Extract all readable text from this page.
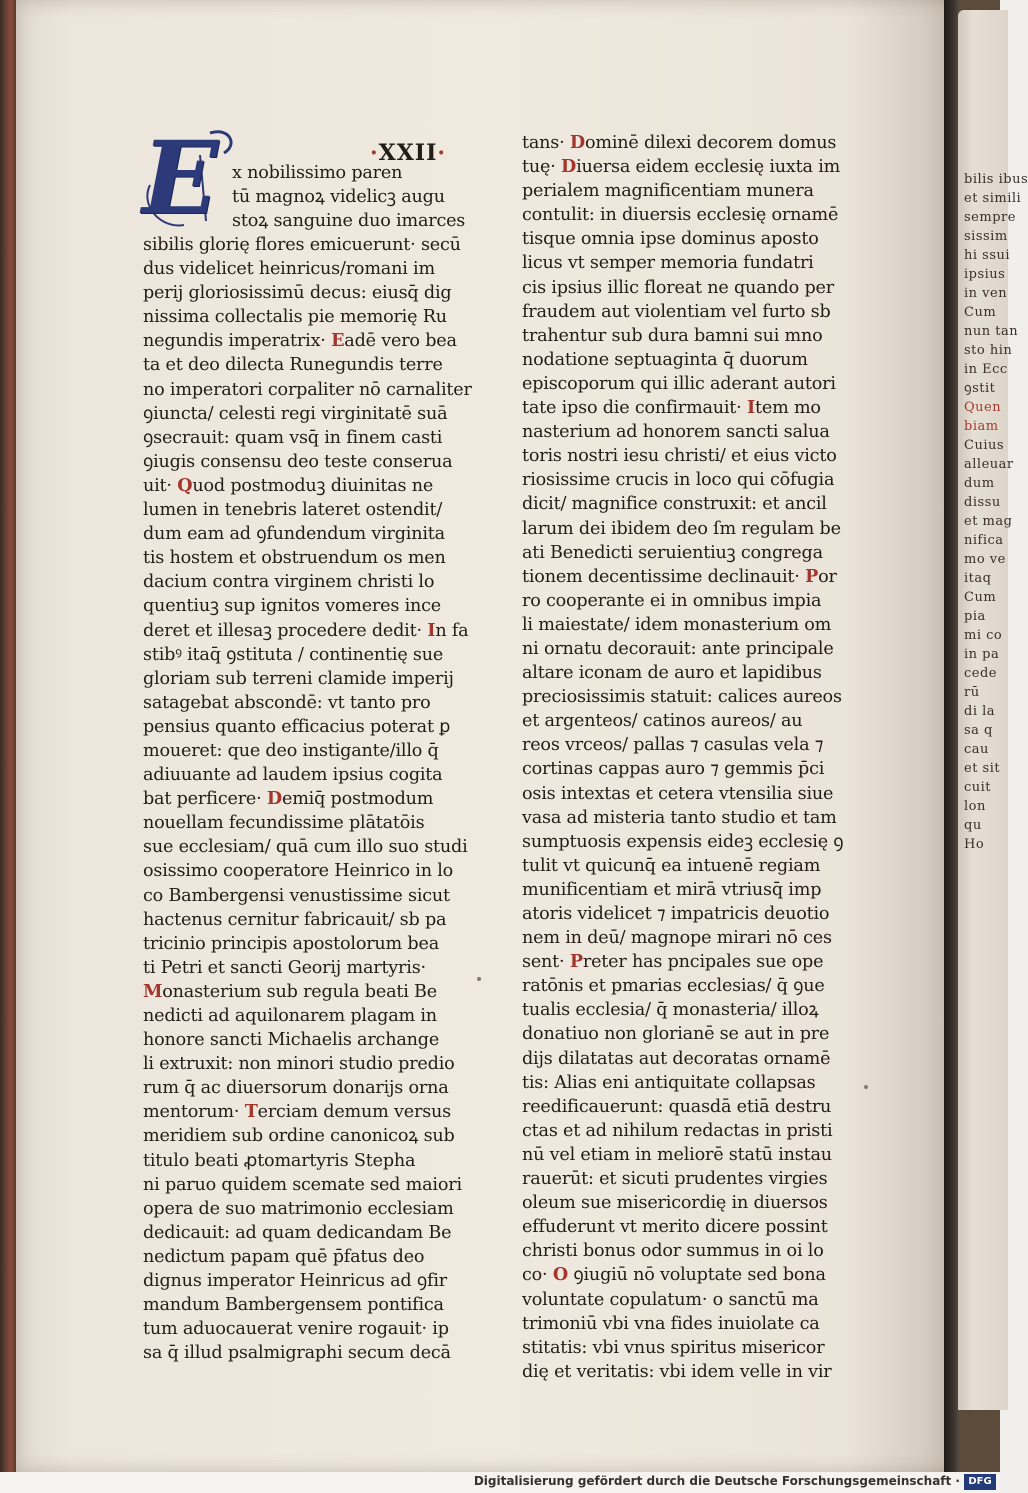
bilis ibus
et simili
sempre
sissim
hi ssui
ipsius
in ven
Cum
nun tan
sto hin
in Ecc
ꝯstit
Quen
biam
Cuius
alleuar
dum
dissu
et mag
nifica
mo ve
itaq
Cum
pia
mi co
in pa
cede
rū
di la
sa q
cau
et sit
cuit
lon
qu
Ho
·XXII·
E x nobilissimo paren
tū magnoꝝ videlicꝫ augu
stoꝝ sanguine duo imarces
sibilis glorię flores emicuerunt· secū
dus videlicet heinricus/romani im
perij gloriosissimū decus: eiusq̄ dig
nissima collectalis pie memorię Ru
negundis imperatrix· Eadē vero bea
ta et deo dilecta Runegundis terre
no imperatori corpaliter nō carnaliter
ꝯiuncta/ celesti regi virginitatē suā
ꝯsecrauit: quam vsq̄ in finem casti
ꝯiugis consensu deo teste conserua
uit· Quod postmoduꝫ diuinitas ne
lumen in tenebris lateret ostendit/
dum eam ad ꝯfundendum virginita
tis hostem et obstruendum os men
dacium contra virginem christi lo
quentiuꝫ sup ignitos vomeres ince
deret et illesaꝫ procedere dedit· In fa
stibꝰ itaq̄ ꝯstituta / continentię sue
gloriam sub terreni clamide imperij
satagebat abscondē: vt tanto pro
pensius quanto efficacius poterat ꝑ
moueret: que deo instigante/illo q̄
adiuuante ad laudem ipsius cogita
bat perficere· Demiq̄ postmodum
nouellam fecundissime plātatōis
sue ecclesiam/ quā cum illo suo studi
osissimo cooperatore Heinrico in lo
co Bambergensi venustissime sicut
hactenus cernitur fabricauit/ sb pa
tricinio principis apostolorum bea
ti Petri et sancti Georij martyris·
Monasterium sub regula beati Be
nedicti ad aquilonarem plagam in
honore sancti Michaelis archange
li extruxit: non minori studio predio
rum q̄ ac diuersorum donarijs orna
mentorum· Terciam demum versus
meridiem sub ordine canonicoꝝ sub
titulo beati ꝓtomartyris Stepha
ni paruo quidem scemate sed maiori
opera de suo matrimonio ecclesiam
dedicauit: ad quam dedicandam Be
nedictum papam quē p̄fatus deo
dignus imperator Heinricus ad ꝯfir
mandum Bambergensem pontifica
tum aduocauerat venire rogauit· ip
sa q̄ illud psalmigraphi secum decā
tans· Dominē dilexi decorem domus
tuę· Diuersa eidem ecclesię iuxta im
perialem magnificentiam munera
contulit: in diuersis ecclesię ornamē
tisque omnia ipse dominus aposto
licus vt semper memoria fundatri
cis ipsius illic floreat ne quando per
fraudem aut violentiam vel furto sb
trahentur sub dura bamni sui mno
nodatione septuaginta q̄ duorum
episcoporum qui illic aderant autori
tate ipso die confirmauit· Item mo
nasterium ad honorem sancti salua
toris nostri iesu christi/ et eius victo
riosissime crucis in loco qui cōfugia
dicit/ magnifice construxit: et ancil
larum dei ibidem deo ſm regulam be
ati Benedicti seruientiuꝫ congrega
tionem decentissime declinauit· Por
ro cooperante ei in omnibus impia
li maiestate/ idem monasterium om
ni ornatu decorauit: ante principale
altare iconam de auro et lapidibus
preciosissimis statuit: calices aureos
et argenteos/ catinos aureos/ au
reos vrceos/ pallas ⁊ casulas vela ⁊
cortinas cappas auro ⁊ gemmis p̄ci
osis intextas et cetera vtensilia siue
vasa ad misteria tanto studio et tam
sumptuosis expensis eideꝫ ecclesię ꝯ
tulit vt quicunq̄ ea intuenē regiam
munificentiam et mirā vtriusq̄ imp
atoris videlicet ⁊ impatricis deuotio
nem in deū/ magnope mirari nō ces
sent· Preter has pncipales sue ope
ratōnis et pmarias ecclesias/ q̄ ꝯue
tualis ecclesia/ q̄ monasteria/ illoꝝ
donatiuo non glorianē se aut in pre
dijs dilatatas aut decoratas ornamē
tis: Alias eni antiquitate collapsas
reedificauerunt: quasdā etiā destru
ctas et ad nihilum redactas in pristi
nū vel etiam in meliorē statū instau
rauerūt: et sicuti prudentes virgies
oleum sue misericordię in diuersos
effuderunt vt merito dicere possint
christi bonus odor summus in oi lo
co· O ꝯiugiū nō voluptate sed bona
voluntate copulatum· o sanctū ma
trimoniū vbi vna fides inuiolate ca
stitatis: vbi vnus spiritus misericor
dię et veritatis: vbi idem velle in vir
Digitalisierung gefördert durch die Deutsche Forschungsgemeinschaft · DFG
